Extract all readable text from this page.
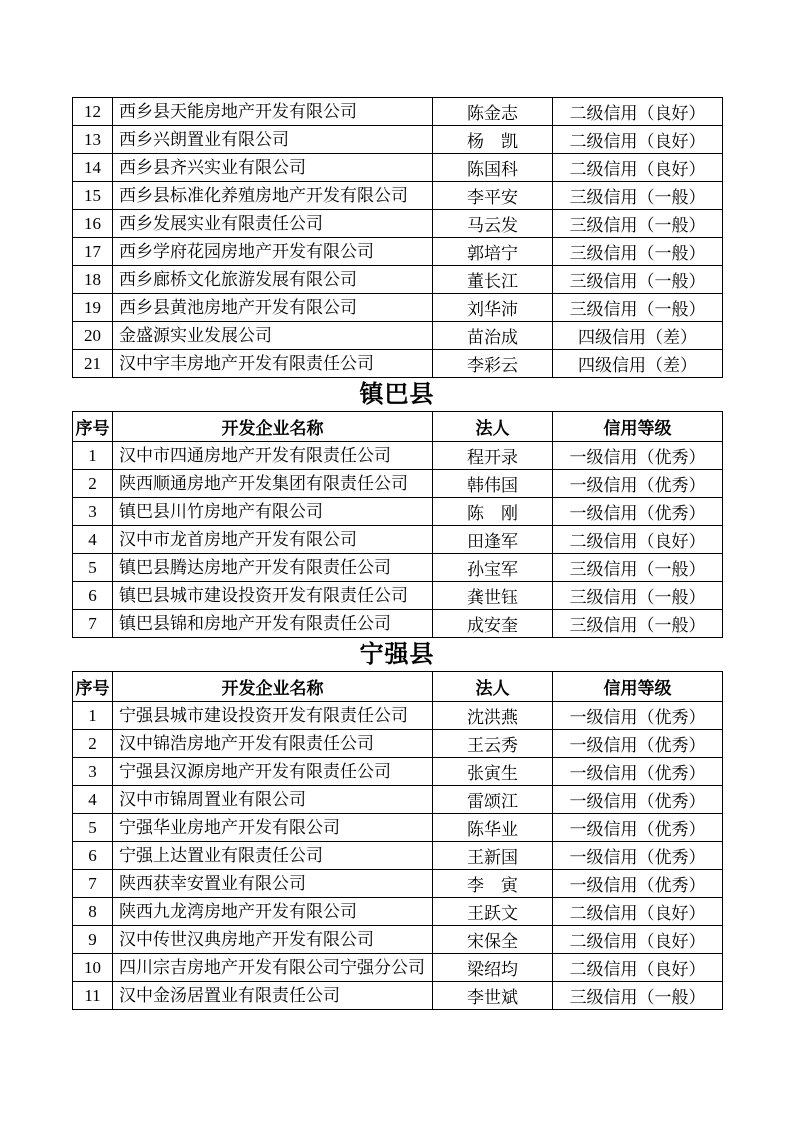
12	西乡县天能房地产开发有限公司	陈金志	二级信用（良好）
13	西乡兴朗置业有限公司	杨　凯	二级信用（良好）
14	西乡县齐兴实业有限公司	陈国科	二级信用（良好）
15	西乡县标准化养殖房地产开发有限公司	李平安	三级信用（一般）
16	西乡发展实业有限责任公司	马云发	三级信用（一般）
17	西乡学府花园房地产开发有限公司	郭培宁	三级信用（一般）
18	西乡廊桥文化旅游发展有限公司	董长江	三级信用（一般）
19	西乡县黄池房地产开发有限公司	刘华沛	三级信用（一般）
20	金盛源实业发展公司	苗治成	四级信用（差）
21	汉中宇丰房地产开发有限责任公司	李彩云	四级信用（差）
镇巴县
序号	开发企业名称	法人	信用等级
1	汉中市四通房地产开发有限责任公司	程开录	一级信用（优秀）
2	陕西顺通房地产开发集团有限责任公司	韩伟国	一级信用（优秀）
3	镇巴县川竹房地产有限公司	陈　刚	一级信用（优秀）
4	汉中市龙首房地产开发有限公司	田逢军	二级信用（良好）
5	镇巴县腾达房地产开发有限责任公司	孙宝军	三级信用（一般）
6	镇巴县城市建设投资开发有限责任公司	龚世钰	三级信用（一般）
7	镇巴县锦和房地产开发有限责任公司	成安奎	三级信用（一般）
宁强县
序号	开发企业名称	法人	信用等级
1	宁强县城市建设投资开发有限责任公司	沈洪燕	一级信用（优秀）
2	汉中锦浩房地产开发有限责任公司	王云秀	一级信用（优秀）
3	宁强县汉源房地产开发有限责任公司	张寅生	一级信用（优秀）
4	汉中市锦周置业有限公司	雷颂江	一级信用（优秀）
5	宁强华业房地产开发有限公司	陈华业	一级信用（优秀）
6	宁强上达置业有限责任公司	王新国	一级信用（优秀）
7	陕西获幸安置业有限公司	李　寅	一级信用（优秀）
8	陕西九龙湾房地产开发有限公司	王跃文	二级信用（良好）
9	汉中传世汉典房地产开发有限公司	宋保全	二级信用（良好）
10	四川宗吉房地产开发有限公司宁强分公司	梁绍均	二级信用（良好）
11	汉中金汤居置业有限责任公司	李世斌	三级信用（一般）
